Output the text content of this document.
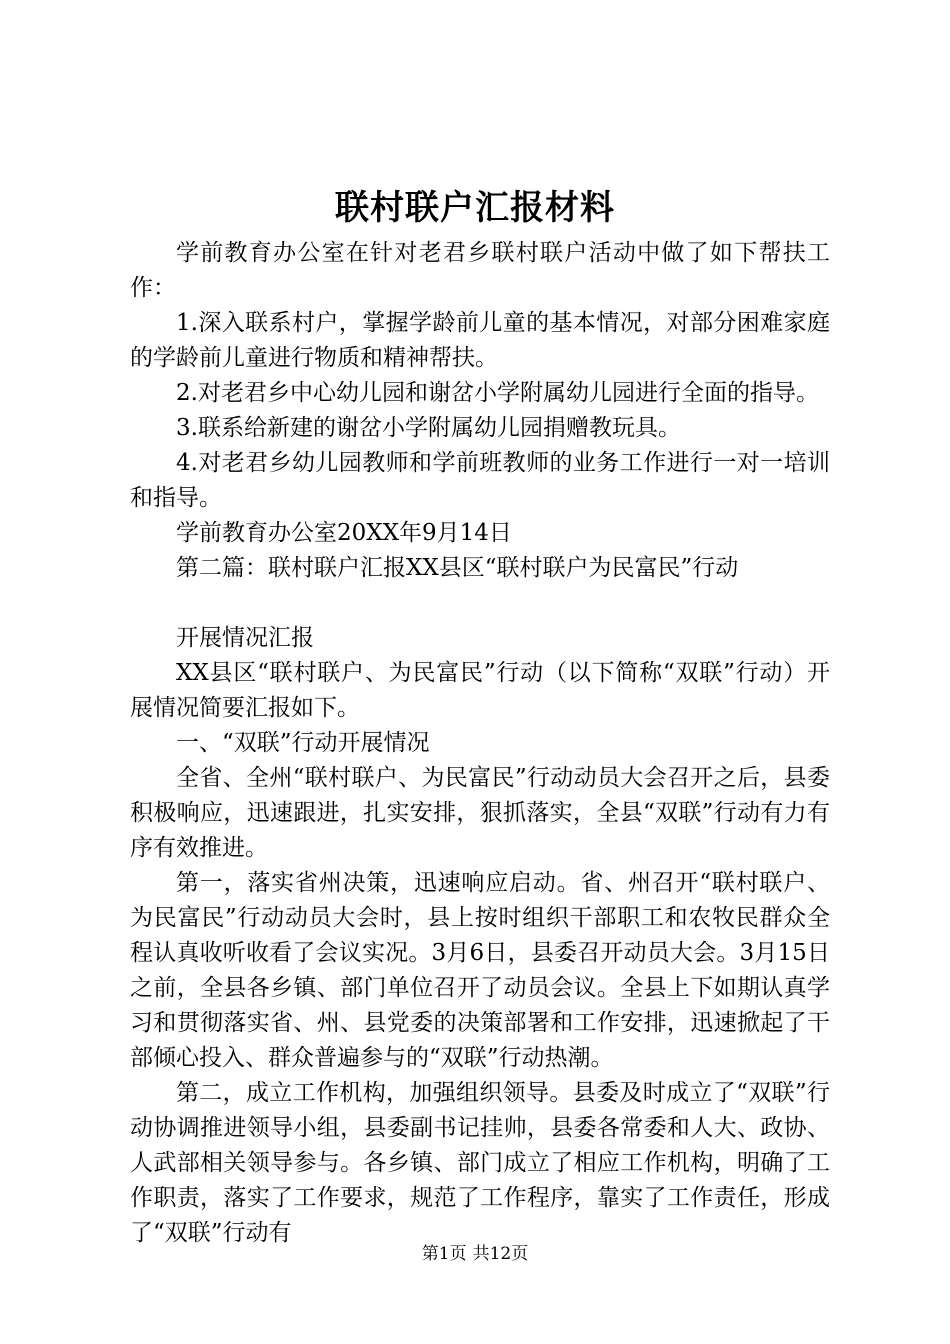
联村联户汇报材料

学前教育办公室在针对老君乡联村联户活动中做了如下帮扶工作：

1.深入联系村户，掌握学龄前儿童的基本情况，对部分困难家庭的学龄前儿童进行物质和精神帮扶。

2.对老君乡中心幼儿园和谢岔小学附属幼儿园进行全面的指导。

3.联系给新建的谢岔小学附属幼儿园捐赠教玩具。

4.对老君乡幼儿园教师和学前班教师的业务工作进行一对一培训和指导。

学前教育办公室20XX年9月14日

第二篇：联村联户汇报XX县区“联村联户为民富民”行动

开展情况汇报

XX县区“联村联户、为民富民”行动（以下简称“双联”行动）开展情况简要汇报如下。

一、“双联”行动开展情况

全省、全州“联村联户、为民富民”行动动员大会召开之后，县委积极响应，迅速跟进，扎实安排，狠抓落实，全县“双联”行动有力有序有效推进。

第一，落实省州决策，迅速响应启动。省、州召开“联村联户、为民富民”行动动员大会时，县上按时组织干部职工和农牧民群众全程认真收听收看了会议实况。3月6日，县委召开动员大会。3月15日之前，全县各乡镇、部门单位召开了动员会议。全县上下如期认真学习和贯彻落实省、州、县党委的决策部署和工作安排，迅速掀起了干部倾心投入、群众普遍参与的“双联”行动热潮。

第二，成立工作机构，加强组织领导。县委及时成立了“双联”行动协调推进领导小组，县委副书记挂帅，县委各常委和人大、政协、人武部相关领导参与。各乡镇、部门成立了相应工作机构，明确了工作职责，落实了工作要求，规范了工作程序，靠实了工作责任，形成了“双联”行动有

第1页 共12页
